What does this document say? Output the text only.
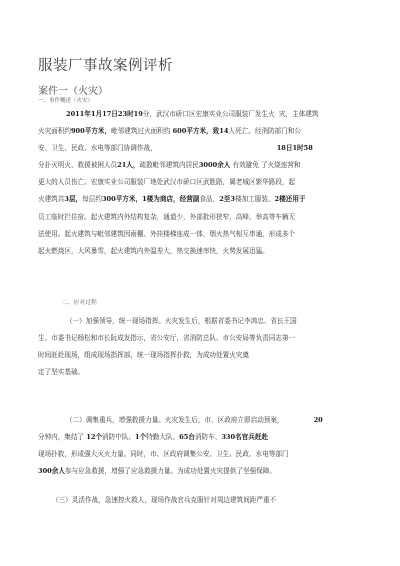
服装厂事故案例评析
案件一（火灾）
一、事件概述（火灾）
2011年1月17日23时19分，武汉市硚口区宏康实业公司服装厂发生火 灾，主体建筑
火灾面积约900平方米，毗邻建筑过火面积约 600平方米，致14人死亡。经消防部门和公
安、卫生、民政、水电等部门协调作战，	18日1时58
分扑灭明火，救援被困人员21人，疏散毗邻建筑内居民3000余人 有效避免 了火烧连营和
更大的人员伤亡。宏康实业公司服装厂地处武汉市硚口区武胜路，属老城区繁华路段，起
火建筑共3层，每层约300平方米，1楼为商店，经营副食品，2至3楼加工服装，2楼还用于
员工临时拦住宿。起火建筑内外结构复杂，通道少，外部批形狭窄，高峰，举高等车辆无
法使用。起火建筑与毗邻建筑因雨棚、外挂楼梯连成一体，烟火热气相互串通，形成多个
起火燃烧区，大风暴雪，起火建筑内外温差大，热交换速率快，火势发展迅猛。
二、应对过程
（一）加强领导，统一现场指挥。火灾发生后，根据省委书记李鸿忠、省长王国
生、市委书记杨松和市长阮成发指示，省公安厅，省消防总队、市公安局等负责同志第一
时间赶赴现场，组成现场指挥部，统一现场指挥扑救，为成功处置火灾奠
定了坚实基础。
（二）调集重兵，增强救援力量。火灾发生后，市、区政府立即启动预案，	20
分钟内，集结了 12个消防中队、1个特勤大队、65台消防车、330名官兵赶赴
现场扑救，形成强大灭火力量。同时，市、区政府调集公安、卫生、民政、水电等部门
300余人参与应急救援，增强了应急救援力量。为成功处置火灾提供了坚强保障。
（三）灵活作战，急速控火救人，现场作战官兵克服针对周边建筑间距严重不
